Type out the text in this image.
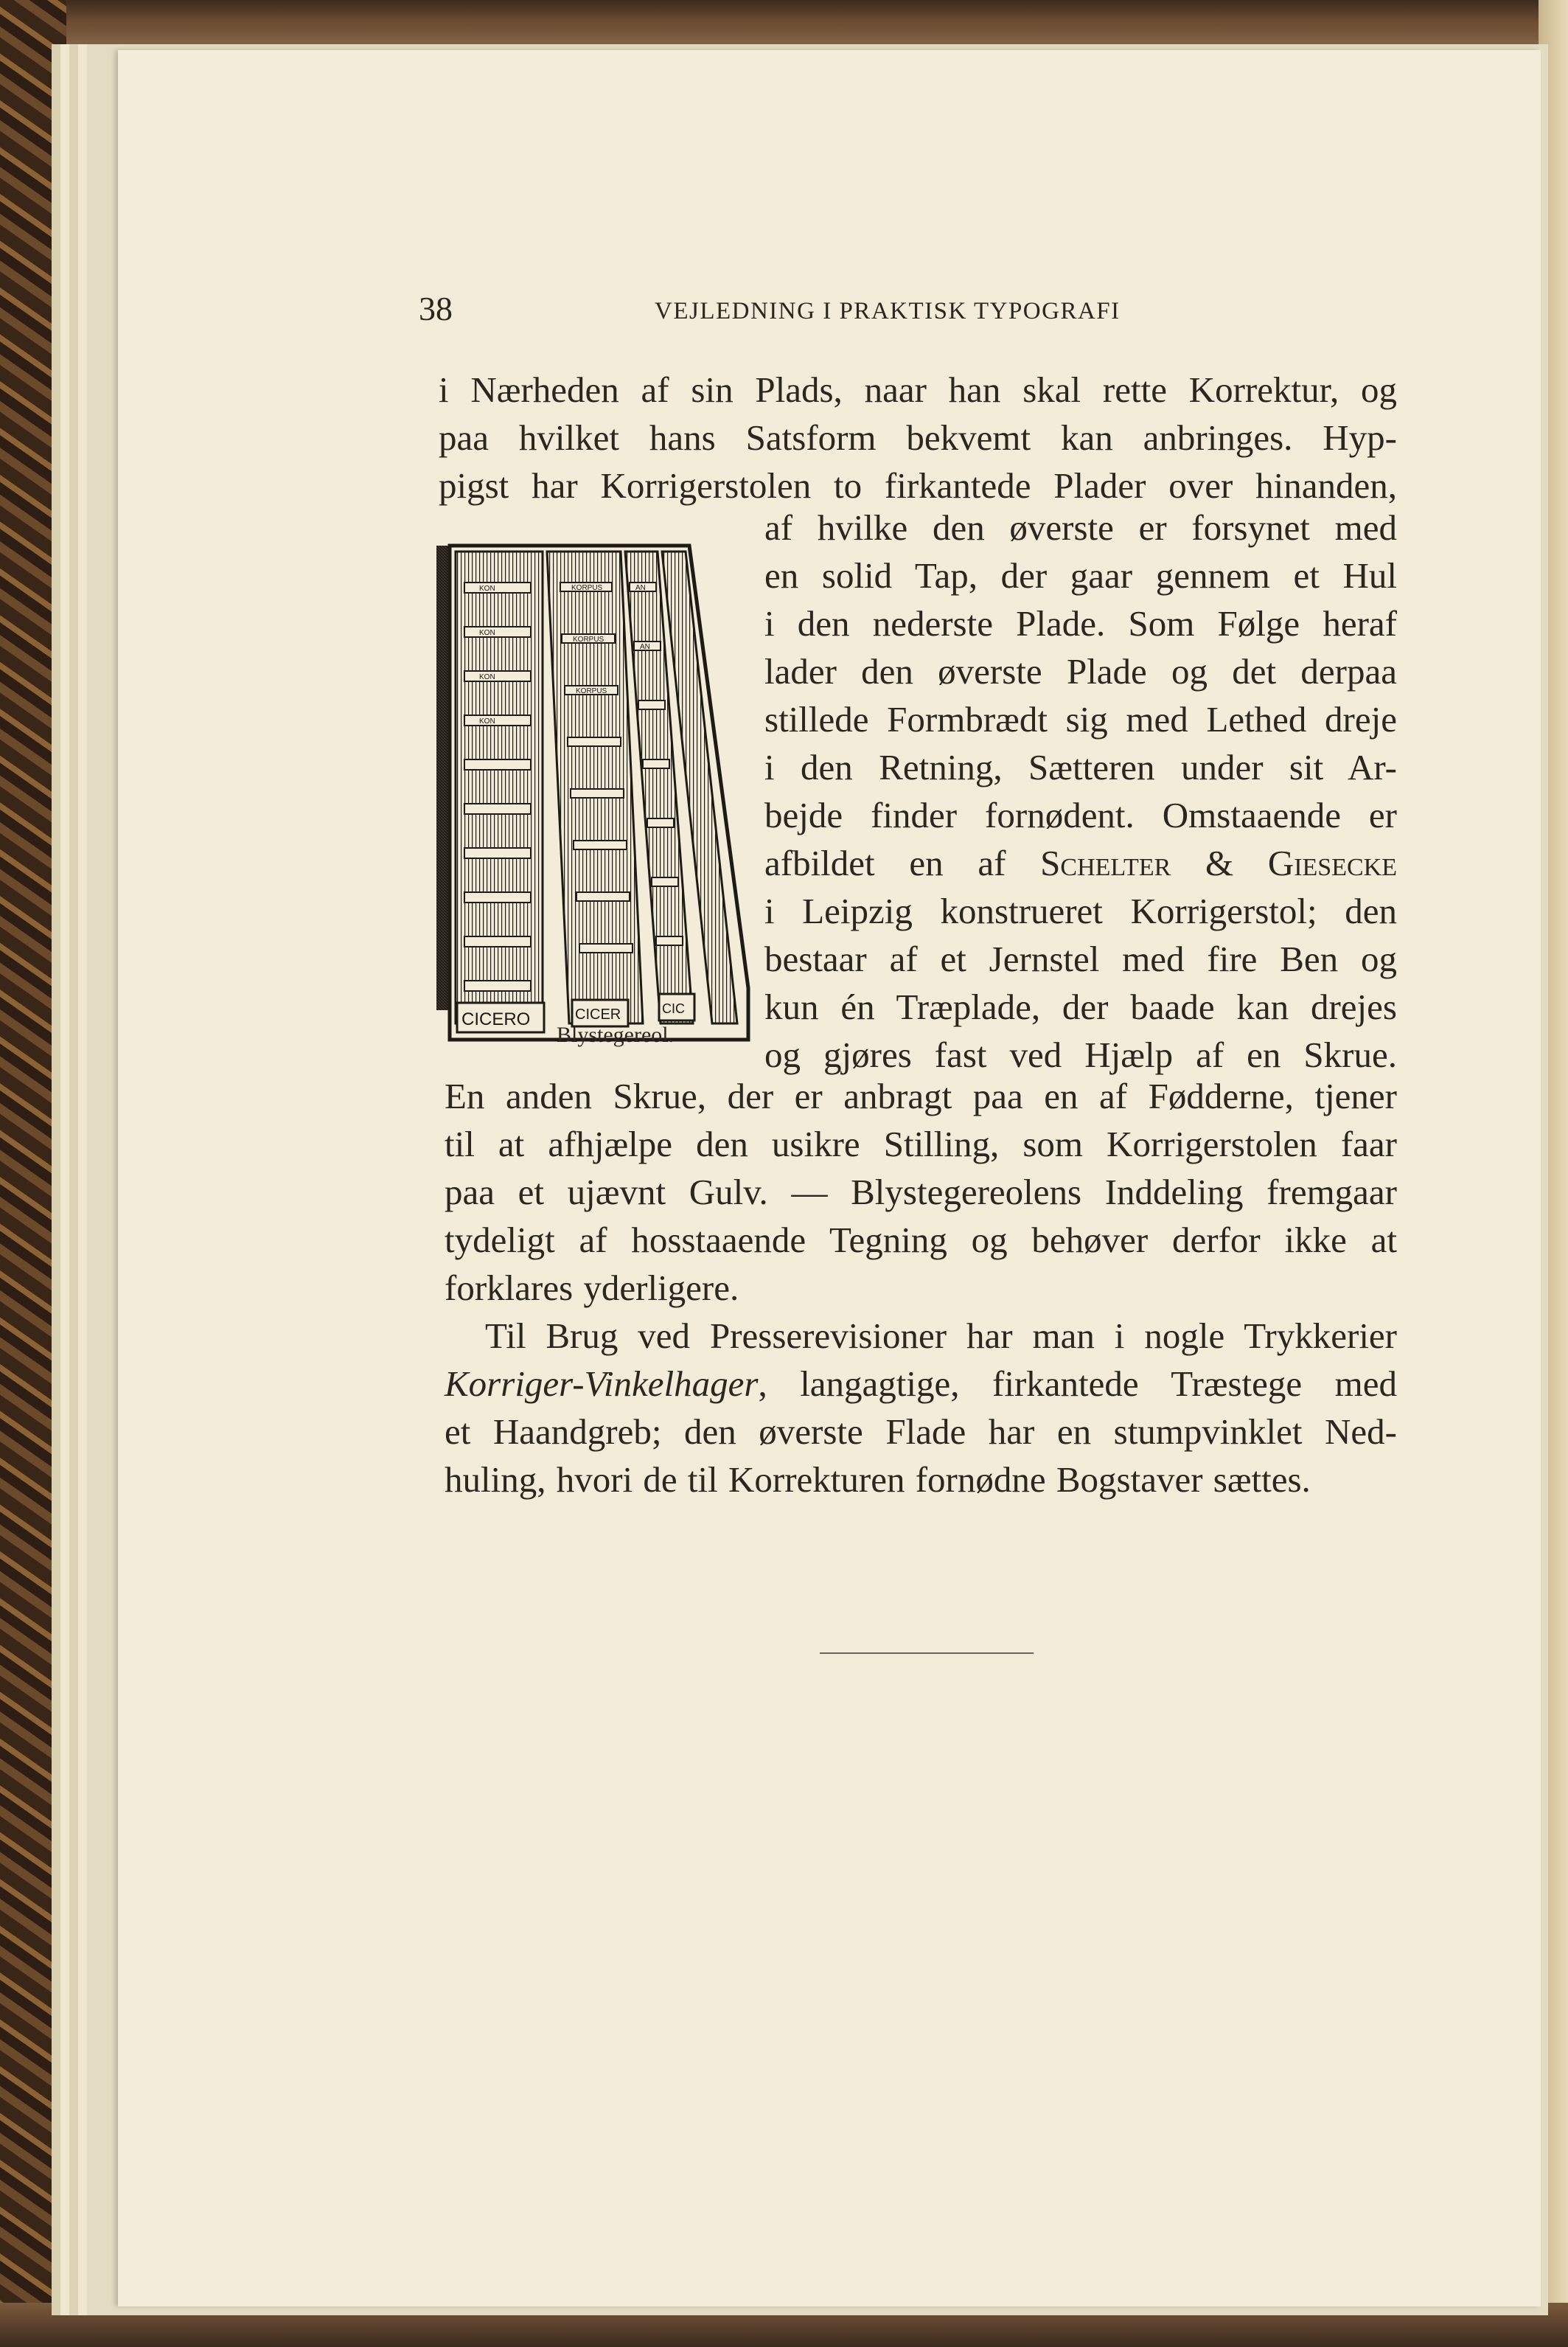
38	VEJLEDNING I PRAKTISK TYPOGRAFI
i Nærheden af sin Plads, naar han skal rette Korrektur, og
paa hvilket hans Satsform bekvemt kan anbringes. Hyp-
pigst har Korrigerstolen to firkantede Plader over hinanden,
af hvilke den øverste er forsynet med
en solid Tap, der gaar gennem et Hul
i den nederste Plade. Som Følge heraf
lader den øverste Plade og det derpaa
stillede Formbrædt sig med Lethed dreje
i den Retning, Sætteren under sit Ar-
bejde finder fornødent. Omstaaende er
afbildet en af Schelter & Giesecke
i Leipzig konstrueret Korrigerstol; den
bestaar af et Jernstel med fire Ben og
kun én Træplade, der baade kan drejes
og gjøres fast ved Hjælp af en Skrue.
En anden Skrue, der er anbragt paa en af Fødderne, tjener
til at afhjælpe den usikre Stilling, som Korrigerstolen faar
paa et ujævnt Gulv. — Blystegereolens Inddeling fremgaar
tydeligt af hosstaaende Tegning og behøver derfor ikke at
forklares yderligere.
Til Brug ved Presserevisioner har man i nogle Trykkerier
Korriger-Vinkelhager, langagtige, firkantede Træstege med
et Haandgreb; den øverste Flade har en stumpvinklet Ned-
huling, hvori de til Korrekturen fornødne Bogstaver sættes.
KON
KON
KON
KON
KORPUS
KORPUS
KORPUS
AN
AN
CICERO	CICER	CIC
Blystegereol.
